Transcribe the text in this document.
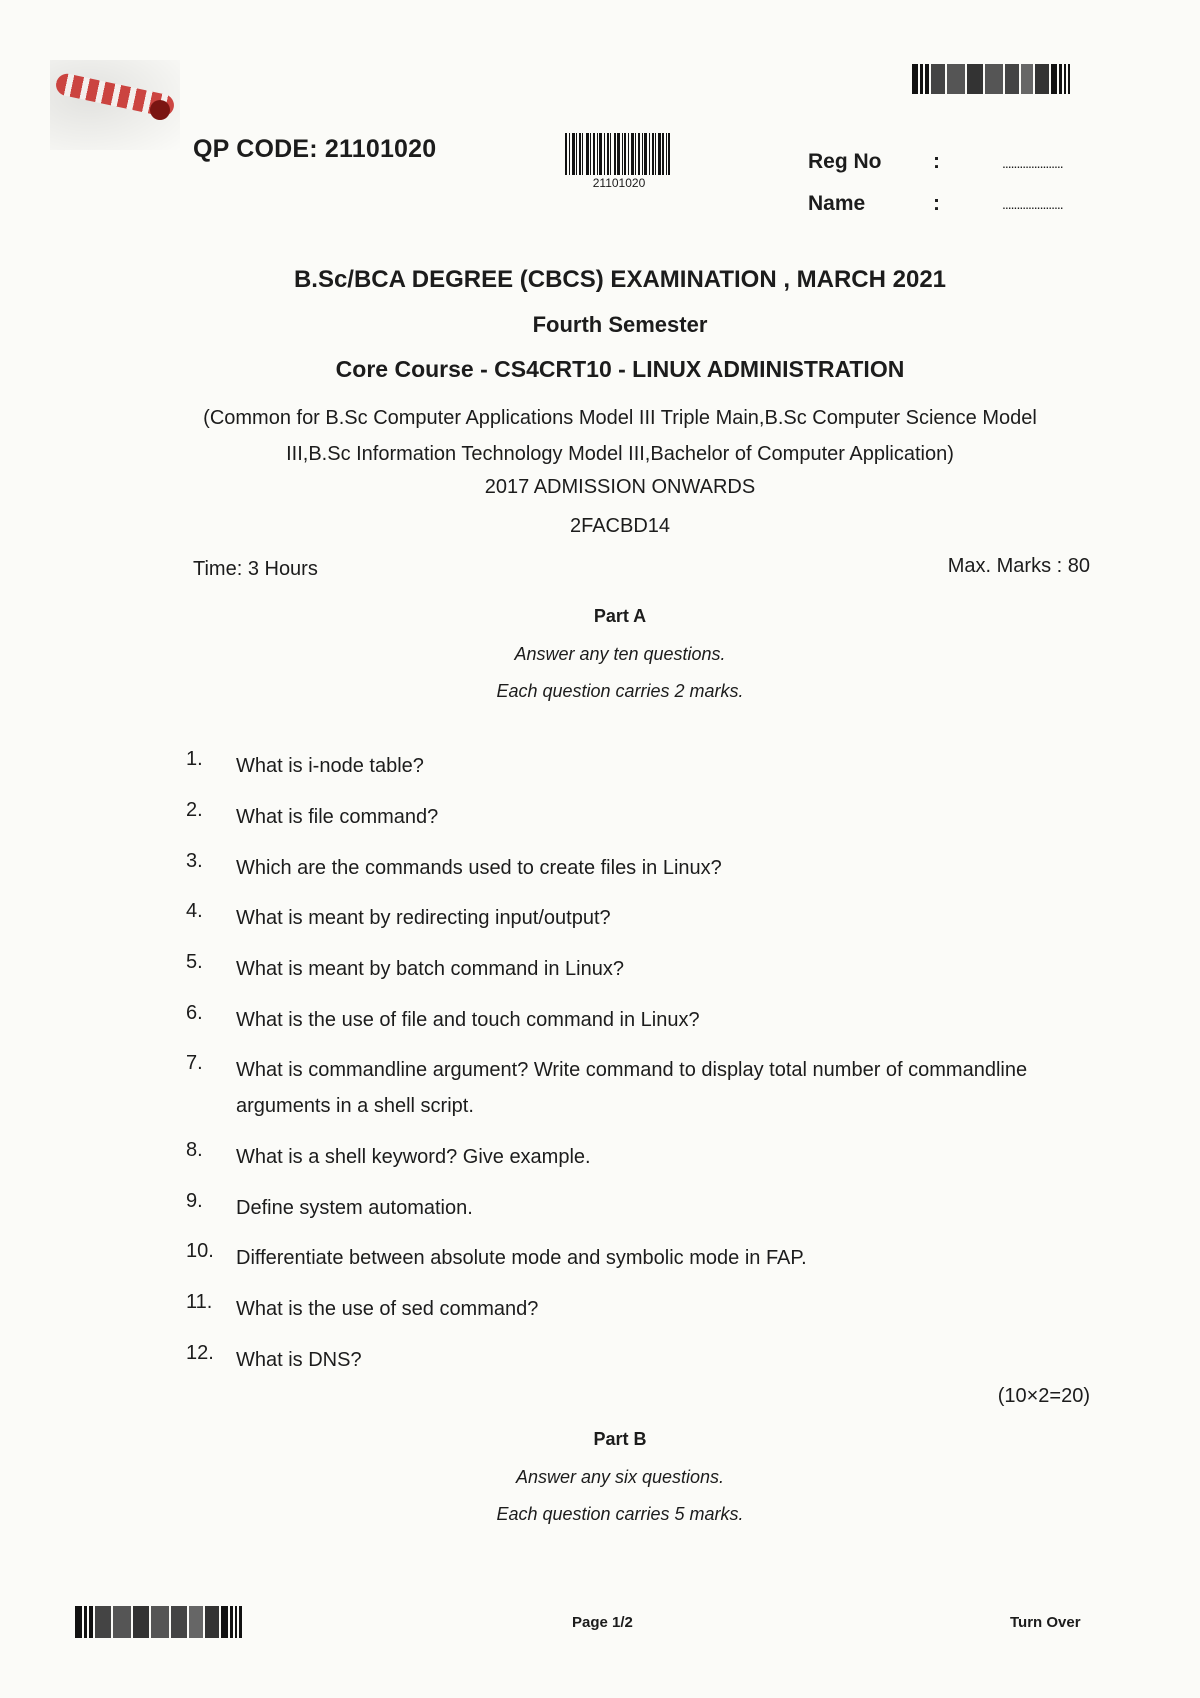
QP CODE: 21101020
21101020
Reg No :	.....................
Name	:	.....................
B.Sc/BCA DEGREE (CBCS) EXAMINATION , MARCH 2021
Fourth Semester
Core Course - CS4CRT10 - LINUX ADMINISTRATION
(Common for B.Sc Computer Applications Model III Triple Main,B.Sc Computer Science Model
III,B.Sc Information Technology Model III,Bachelor of Computer Application)
2017 ADMISSION ONWARDS
2FACBD14
Time: 3 Hours	Max. Marks : 80
Part A
Answer any ten questions.
Each question carries 2 marks.
1.	What is i-node table?
2.	What is file command?
3.	Which are the commands used to create files in Linux?
4.	What is meant by redirecting input/output?
5.	What is meant by batch command in Linux?
6.	What is the use of file and touch command in Linux?
7.	What is commandline argument? Write command to display total number of commandline arguments in a shell script.
8.	What is a shell keyword? Give example.
9.	Define system automation.
10.	Differentiate between absolute mode and symbolic mode in FAP.
11.	What is the use of sed command?
12.	What is DNS?
(10×2=20)
Part B
Answer any six questions.
Each question carries 5 marks.
Page 1/2	Turn Over
